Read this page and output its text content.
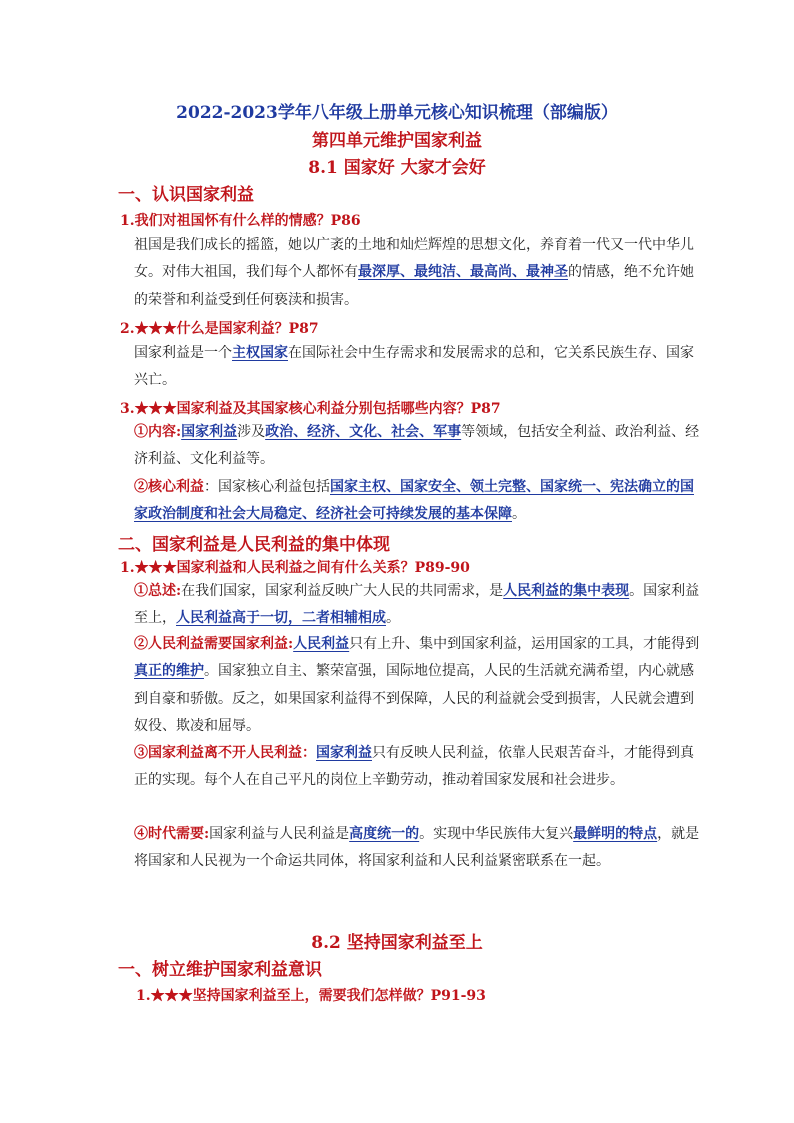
2022-2023学年八年级上册单元核心知识梳理（部编版）
第四单元维护国家利益
8.1 国家好 大家才会好
一、认识国家利益
1.我们对祖国怀有什么样的情感？P86
祖国是我们成长的摇篮，她以广袤的土地和灿烂辉煌的思想文化，养育着一代又一代中华儿女。对伟大祖国，我们每个人都怀有最深厚、最纯洁、最高尚、最神圣的情感，绝不允许她的荣誉和利益受到任何亵渎和损害。
2.★★★什么是国家利益？P87
国家利益是一个主权国家在国际社会中生存需求和发展需求的总和，它关系民族生存、国家兴亡。
3.★★★国家利益及其国家核心利益分别包括哪些内容？P87
①内容:国家利益涉及政治、经济、文化、社会、军事等领域，包括安全利益、政治利益、经济利益、文化利益等。
②核心利益：国家核心利益包括国家主权、国家安全、领土完整、国家统一、宪法确立的国家政治制度和社会大局稳定、经济社会可持续发展的基本保障。
二、国家利益是人民利益的集中体现
1.★★★国家利益和人民利益之间有什么关系？P89-90
①总述:在我们国家，国家利益反映广大人民的共同需求，是人民利益的集中表现。国家利益至上，人民利益高于一切，二者相辅相成。
②人民利益需要国家利益:人民利益只有上升、集中到国家利益，运用国家的工具，才能得到真正的维护。国家独立自主、繁荣富强，国际地位提高，人民的生活就充满希望，内心就感到自豪和骄傲。反之，如果国家利益得不到保障，人民的利益就会受到损害，人民就会遭到奴役、欺凌和屈辱。
③国家利益离不开人民利益：国家利益只有反映人民利益，依靠人民艰苦奋斗，才能得到真正的实现。每个人在自己平凡的岗位上辛勤劳动，推动着国家发展和社会进步。
④时代需要:国家利益与人民利益是高度统一的。实现中华民族伟大复兴最鲜明的特点，就是将国家和人民视为一个命运共同体，将国家利益和人民利益紧密联系在一起。
8.2 坚持国家利益至上
一、树立维护国家利益意识
1.★★★坚持国家利益至上，需要我们怎样做？P91-93
